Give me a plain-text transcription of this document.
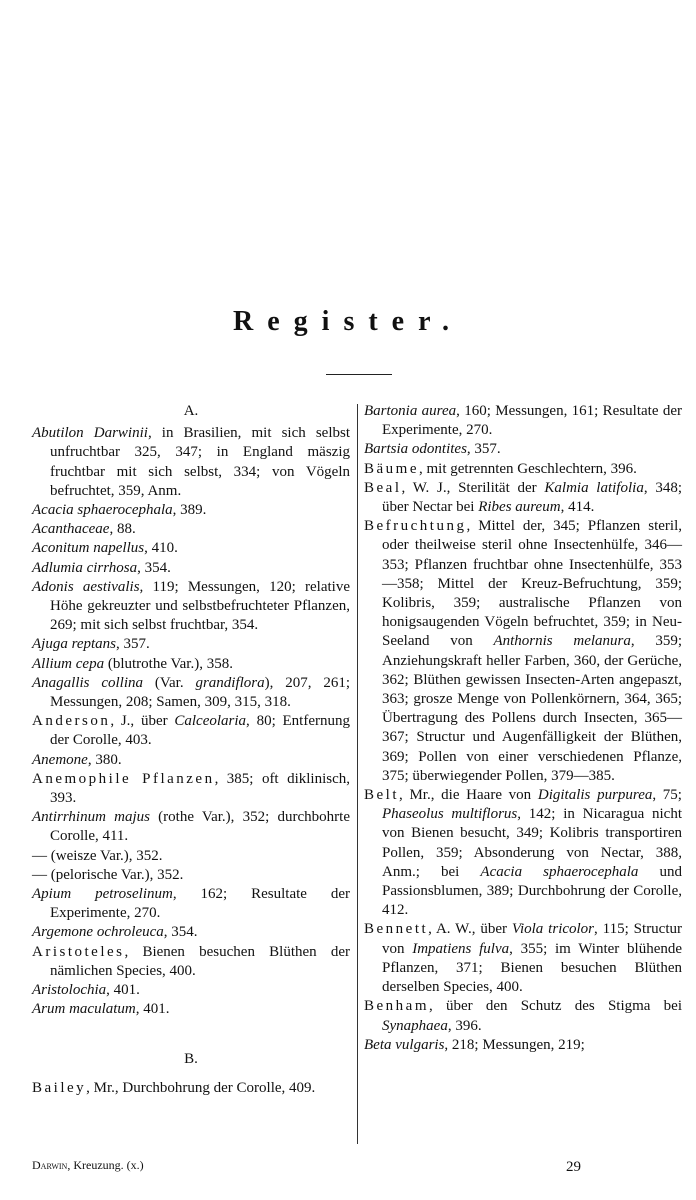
Register.
A.

Abutilon Darwinii, in Brasilien, mit sich selbst unfruchtbar 325, 347; in England mäszig fruchtbar mit sich selbst, 334; von Vögeln befruchtet, 359, Anm.

Acacia sphaerocephala, 389.

Acanthaceae, 88.

Aconitum napellus, 410.

Adlumia cirrhosa, 354.

Adonis aestivalis, 119; Messungen, 120; relative Höhe gekreuzter und selbstbefruchteter Pflanzen, 269; mit sich selbst fruchtbar, 354.

Ajuga reptans, 357.

Allium cepa (blutrothe Var.), 358.

Anagallis collina (Var. grandiflora), 207, 261; Messungen, 208; Samen, 309, 315, 318.

Anderson, J., über Calceolaria, 80; Entfernung der Corolle, 403.

Anemone, 380.

Anemophile Pflanzen, 385; oft diklinisch, 393.

Antirrhinum majus (rothe Var.), 352; durchbohrte Corolle, 411.

— (weisze Var.), 352.

— (pelorische Var.), 352.

Apium petroselinum, 162; Resultate der Experimente, 270.

Argemone ochroleuca, 354.

Aristoteles, Bienen besuchen Blüthen der nämlichen Species, 400.

Aristolochia, 401.

Arum maculatum, 401.

B.

Bailey, Mr., Durchbohrung der Corolle, 409.

Bartonia aurea, 160; Messungen, 161; Resultate der Experimente, 270.

Bartsia odontites, 357.

Bäume, mit getrennten Geschlechtern, 396.

Beal, W. J., Sterilität der Kalmia latifolia, 348; über Nectar bei Ribes aureum, 414.

Befruchtung, Mittel der, 345; Pflanzen steril, oder theilweise steril ohne Insectenhülfe, 346—353; Pflanzen fruchtbar ohne Insectenhülfe, 353—358; Mittel der Kreuz-Befruchtung, 359; Kolibris, 359; australische Pflanzen von honigsaugenden Vögeln befruchtet, 359; in Neu-Seeland von Anthornis melanura, 359; Anziehungskraft heller Farben, 360, der Gerüche, 362; Blüthen gewissen Insecten-Arten angepaszt, 363; grosze Menge von Pollenkörnern, 364, 365; Übertragung des Pollens durch Insecten, 365—367; Structur und Augenfälligkeit der Blüthen, 369; Pollen von einer verschiedenen Pflanze, 375; überwiegender Pollen, 379—385.

Belt, Mr., die Haare von Digitalis purpurea, 75; Phaseolus multiflorus, 142; in Nicaragua nicht von Bienen besucht, 349; Kolibris transportiren Pollen, 359; Absonderung von Nectar, 388, Anm.; bei Acacia sphaerocephala und Passionsblumen, 389; Durchbohrung der Corolle, 412.

Bennett, A. W., über Viola tricolor, 115; Structur von Impatiens fulva, 355; im Winter blühende Pflanzen, 371; Bienen besuchen Blüthen derselben Species, 400.

Benham, über den Schutz des Stigma bei Synaphaea, 396.

Beta vulgaris, 218; Messungen, 219;

Darwin, Kreuzung. (x.)	29
